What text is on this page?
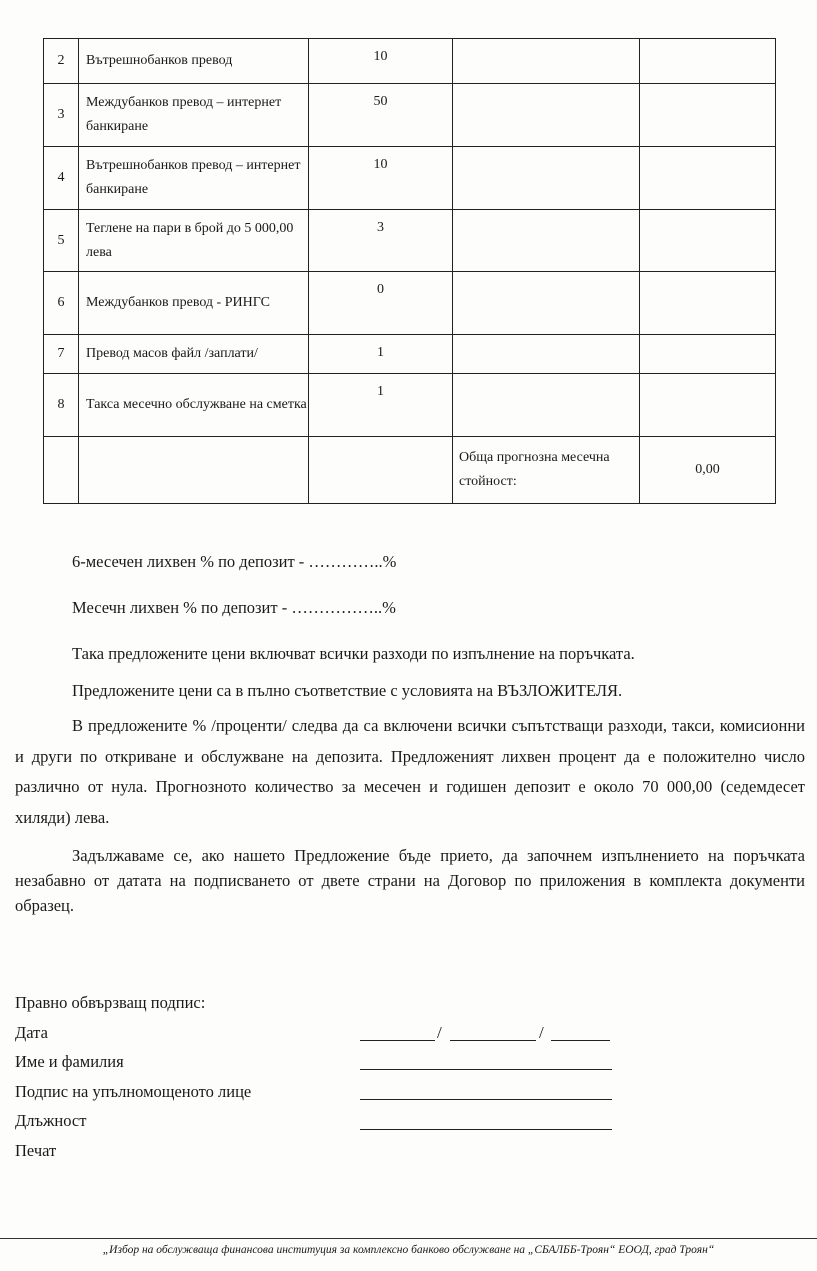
2	Вътрешнобанков превод	10		
3	Междубанков превод – интернет банкиране	50		
4	Вътрешнобанков превод – интернет банкиране	10		
5	Теглене на пари в брой до 5 000,00 лева	3		
6	Междубанков превод - РИНГС	0		
7	Превод масов файл /заплати/	1		
8	Такса месечно обслужване на сметка	1		
			Обща прогнозна месечна стойност:	0,00
6-месечен лихвен % по депозит - …………..%
Месечн лихвен % по депозит - ……………..%
Така предложените цени включват всички разходи по изпълнение на поръчката.
Предложените цени са в пълно съответствие с условията на ВЪЗЛОЖИТЕЛЯ.
В предложените % /проценти/ следва да са включени всички съпътстващи разходи, такси, комисионни и други по откриване и обслужване на депозита. Предложеният лихвен процент да е положително число различно от нула. Прогнозното количество за месечен и годишен депозит е около 70 000,00 (седемдесет хиляди) лева.
Задължаваме се, ако нашето Предложение бъде прието, да започнем изпълнението на поръчката незабавно от датата на подписването от двете страни на Договор по приложения в комплекта документи образец.
Правно обвързващ подпис:
Дата
Име и фамилия
Подпис на упълномощеното лице
Длъжност
Печат
/	/
„Избор на обслужваща финансова институция за комплексно банково обслужване на „СБАЛББ-Троян“ ЕООД, град Троян“
